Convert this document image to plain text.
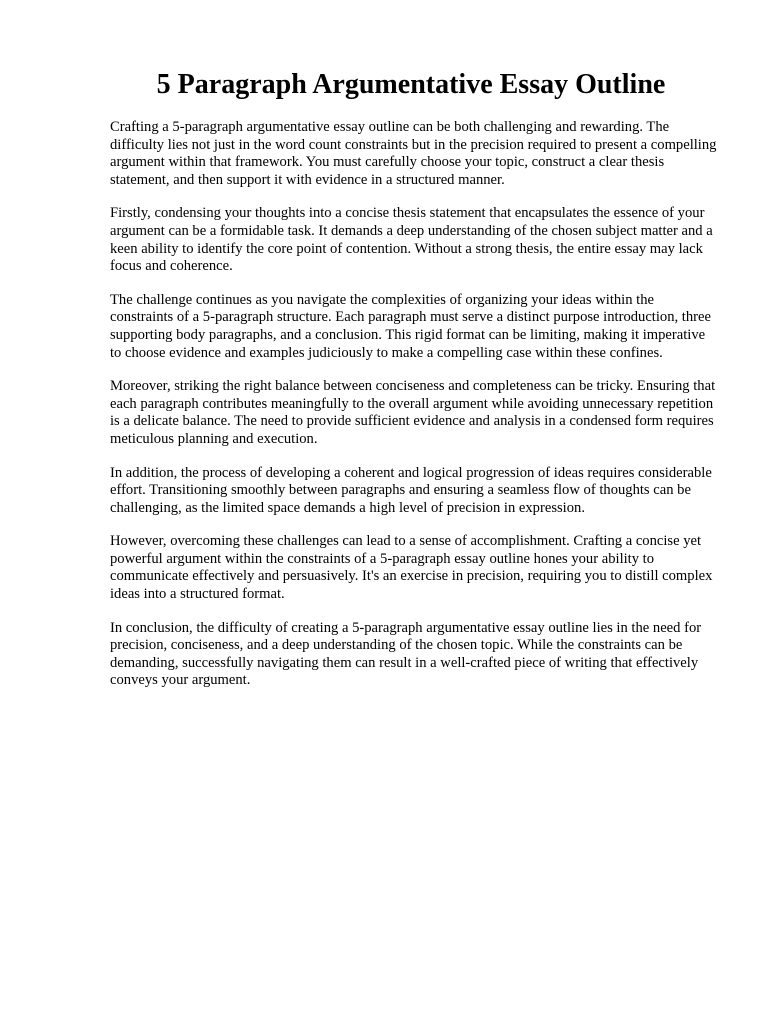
5 Paragraph Argumentative Essay Outline

Crafting a 5-paragraph argumentative essay outline can be both challenging and rewarding. The difficulty lies not just in the word count constraints but in the precision required to present a compelling argument within that framework. You must carefully choose your topic, construct a clear thesis statement, and then support it with evidence in a structured manner.

Firstly, condensing your thoughts into a concise thesis statement that encapsulates the essence of your argument can be a formidable task. It demands a deep understanding of the chosen subject matter and a keen ability to identify the core point of contention. Without a strong thesis, the entire essay may lack focus and coherence.

The challenge continues as you navigate the complexities of organizing your ideas within the constraints of a 5-paragraph structure. Each paragraph must serve a distinct purpose introduction, three supporting body paragraphs, and a conclusion. This rigid format can be limiting, making it imperative to choose evidence and examples judiciously to make a compelling case within these confines.

Moreover, striking the right balance between conciseness and completeness can be tricky. Ensuring that each paragraph contributes meaningfully to the overall argument while avoiding unnecessary repetition is a delicate balance. The need to provide sufficient evidence and analysis in a condensed form requires meticulous planning and execution.

In addition, the process of developing a coherent and logical progression of ideas requires considerable effort. Transitioning smoothly between paragraphs and ensuring a seamless flow of thoughts can be challenging, as the limited space demands a high level of precision in expression.

However, overcoming these challenges can lead to a sense of accomplishment. Crafting a concise yet powerful argument within the constraints of a 5-paragraph essay outline hones your ability to communicate effectively and persuasively. It's an exercise in precision, requiring you to distill complex ideas into a structured format.

In conclusion, the difficulty of creating a 5-paragraph argumentative essay outline lies in the need for precision, conciseness, and a deep understanding of the chosen topic. While the constraints can be demanding, successfully navigating them can result in a well-crafted piece of writing that effectively conveys your argument.
